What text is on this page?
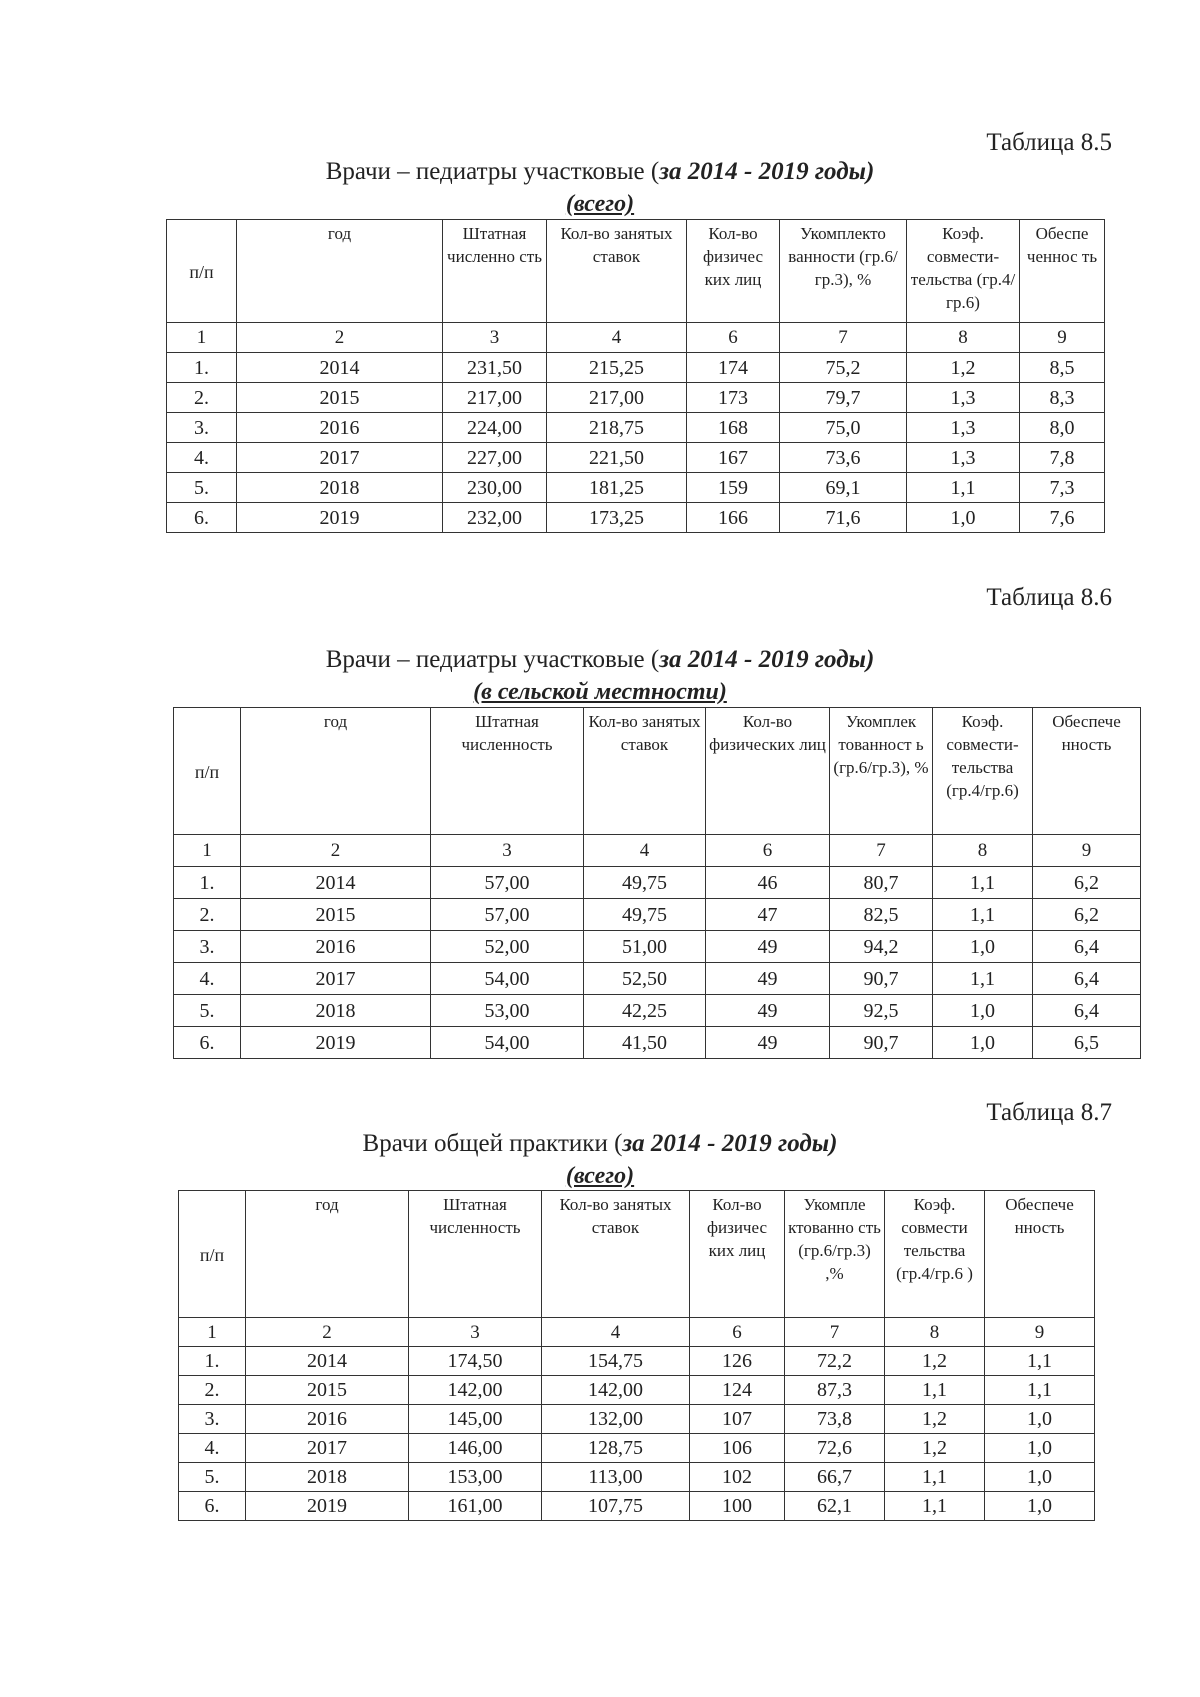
Таблица 8.5
Врачи – педиатры участковые (за 2014 - 2019 годы)
(всего)
п/п	год	Штатная численно сть	Кол-во занятых ставок	Кол-во физичес ких лиц	Укомплекто ванности (гр.6/гр.3), %	Коэф. совмести- тельства (гр.4/гр.6)	Обеспе ченнос ть
1	2	3	4	6	7	8	9
1.	2014	231,50	215,25	174	75,2	1,2	8,5
2.	2015	217,00	217,00	173	79,7	1,3	8,3
3.	2016	224,00	218,75	168	75,0	1,3	8,0
4.	2017	227,00	221,50	167	73,6	1,3	7,8
5.	2018	230,00	181,25	159	69,1	1,1	7,3
6.	2019	232,00	173,25	166	71,6	1,0	7,6
Таблица 8.6
Врачи – педиатры участковые (за 2014 - 2019 годы)
(в сельской местности)
п/п	год	Штатная численность	Кол-во занятых ставок	Кол-во физических лиц	Укомплек тованност ь (гр.6/гр.3), %	Коэф. совмести- тельства (гр.4/гр.6)	Обеспече нность
1	2	3	4	6	7	8	9
1.	2014	57,00	49,75	46	80,7	1,1	6,2
2.	2015	57,00	49,75	47	82,5	1,1	6,2
3.	2016	52,00	51,00	49	94,2	1,0	6,4
4.	2017	54,00	52,50	49	90,7	1,1	6,4
5.	2018	53,00	42,25	49	92,5	1,0	6,4
6.	2019	54,00	41,50	49	90,7	1,0	6,5
Таблица 8.7
Врачи общей практики (за 2014 - 2019 годы)
(всего)
п/п	год	Штатная численность	Кол-во занятых ставок	Кол-во физичес ких лиц	Укомпле ктованно сть (гр.6/гр.3) ,%	Коэф. совмести тельства (гр.4/гр.6 )	Обеспече нность
1	2	3	4	6	7	8	9
1.	2014	174,50	154,75	126	72,2	1,2	1,1
2.	2015	142,00	142,00	124	87,3	1,1	1,1
3.	2016	145,00	132,00	107	73,8	1,2	1,0
4.	2017	146,00	128,75	106	72,6	1,2	1,0
5.	2018	153,00	113,00	102	66,7	1,1	1,0
6.	2019	161,00	107,75	100	62,1	1,1	1,0
